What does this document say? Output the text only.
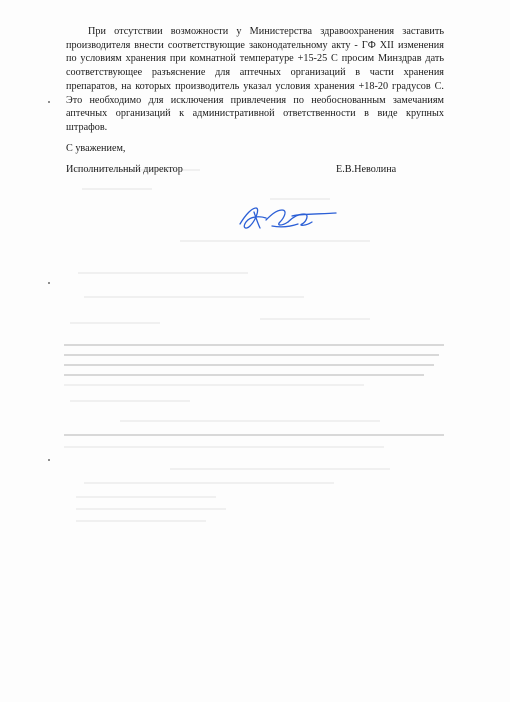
При отсутствии возможности у Министерства здравоохранения заставить производителя внести соответствующие законодательному акту - ГФ XII изменения по условиям хранения при комнатной температуре +15-25 С просим Минздрав дать соответствующее разъяснение для аптечных организаций в части хранения препаратов, на которых производитель указал условия хранения +18-20 градусов С. Это необходимо для исключения привлечения по необоснованным замечаниям аптечных организаций к административной ответственности в виде крупных штрафов.

С уважением,
Исполнительный директор	Е.В.Неволина
